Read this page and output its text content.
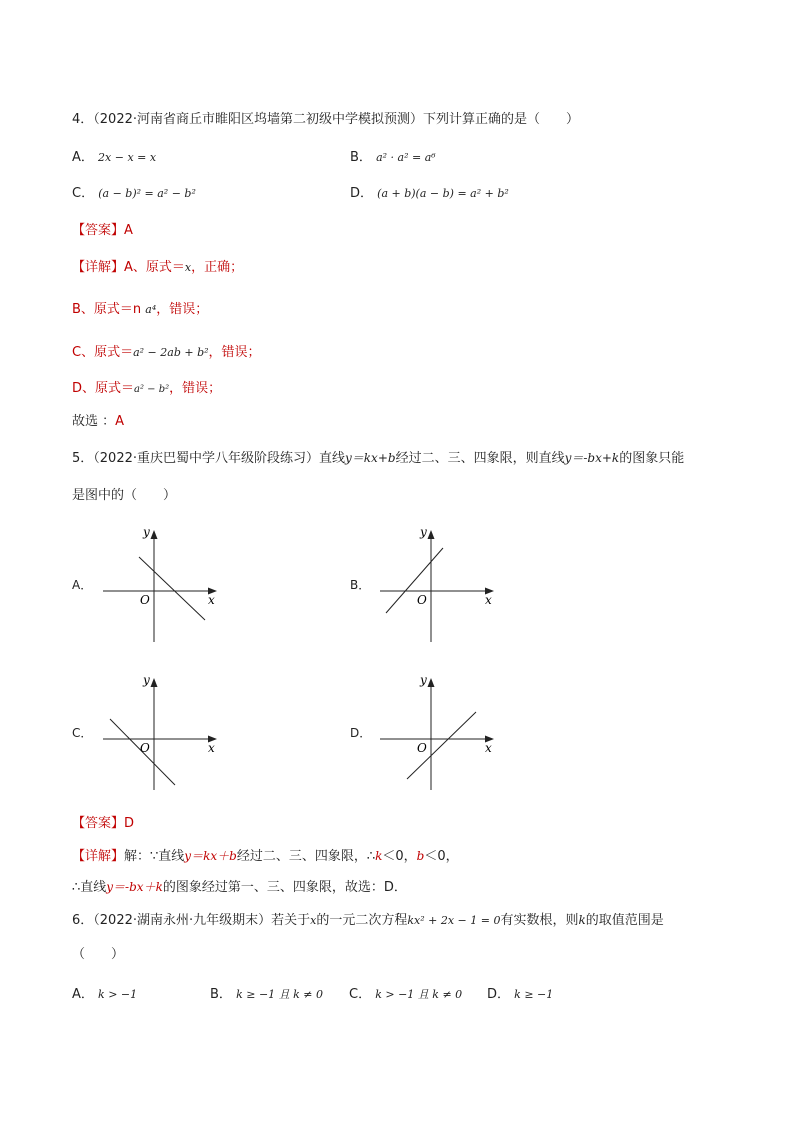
4．（2022·河南省商丘市睢阳区坞墙第二初级中学模拟预测）下列计算正确的是（　　）
A． 2x − x = x	B． a² · a² = a⁶
C． (a − b)² = a² − b²	D． (a + b)(a − b) = a² + b²
【答案】A
【详解】A、原式＝x，正确；
B、原式＝n a⁴，错误；
C、原式＝a² − 2ab + b²，错误；
D、原式＝a² − b²，错误；
故选 ：A
5．（2022·重庆巴蜀中学八年级阶段练习）直线y＝kx+b经过二、三、四象限，则直线y＝-bx+k的图象只能
是图中的（　　）
A．
y
x
O
B．
y
x
O
C．
y
x
O
D．
y
x
O
【答案】D
【详解】解：∵直线y＝kx＋b经过二、三、四象限，∴k＜0，b＜0，
∴直线y＝-bx＋k的图象经过第一、三、四象限，故选：D．
6．（2022·湖南永州·九年级期末）若关于x的一元二次方程kx² + 2x − 1 = 0有实数根，则k的取值范围是
（　　）
A． k > −1	B． k ≥ −1 且 k ≠ 0 C． k > −1 且 k ≠ 0 D． k ≥ −1
